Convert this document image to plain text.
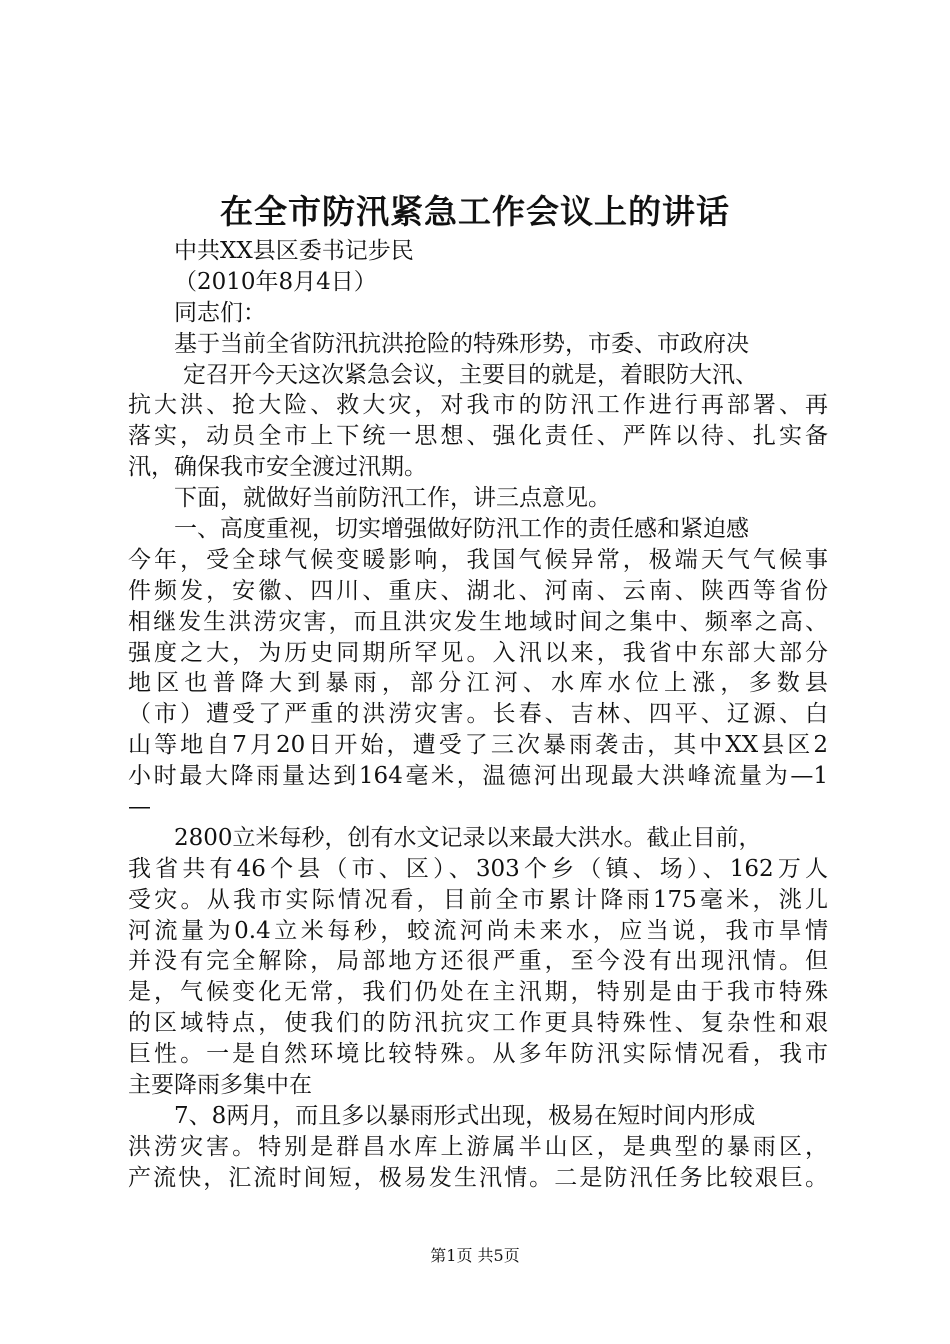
在全市防汛紧急工作会议上的讲话
中共XX县区委书记步民
（2010年8月4日）
同志们：
基于当前全省防汛抗洪抢险的特殊形势，市委、市政府决
定召开今天这次紧急会议，主要目的就是，着眼防大汛、
抗大洪、抢大险、救大灾，对我市的防汛工作进行再部署、再
落实，动员全市上下统一思想、强化责任、严阵以待、扎实备
汛，确保我市安全渡过汛期。
下面，就做好当前防汛工作，讲三点意见。
一、高度重视，切实增强做好防汛工作的责任感和紧迫感
今年，受全球气候变暖影响，我国气候异常，极端天气气候事
件频发，安徽、四川、重庆、湖北、河南、云南、陕西等省份
相继发生洪涝灾害，而且洪灾发生地域时间之集中、频率之高、
强度之大，为历史同期所罕见。入汛以来，我省中东部大部分
地区也普降大到暴雨，部分江河、水库水位上涨，多数县
（市）遭受了严重的洪涝灾害。长春、吉林、四平、辽源、白
山等地自7月20日开始，遭受了三次暴雨袭击，其中XX县区2
小时最大降雨量达到164毫米，温德河出现最大洪峰流量为—1
—
2800立米每秒，创有水文记录以来最大洪水。截止目前，
我省共有46个县（市、区）、303个乡（镇、场）、162万人
受灾。从我市实际情况看，目前全市累计降雨175毫米，洮儿
河流量为0.4立米每秒，蛟流河尚未来水，应当说，我市旱情
并没有完全解除，局部地方还很严重，至今没有出现汛情。但
是，气候变化无常，我们仍处在主汛期，特别是由于我市特殊
的区域特点，使我们的防汛抗灾工作更具特殊性、复杂性和艰
巨性。一是自然环境比较特殊。从多年防汛实际情况看，我市
主要降雨多集中在
7、8两月，而且多以暴雨形式出现，极易在短时间内形成
洪涝灾害。特别是群昌水库上游属半山区，是典型的暴雨区，
产流快，汇流时间短，极易发生汛情。二是防汛任务比较艰巨。
第1页 共5页
